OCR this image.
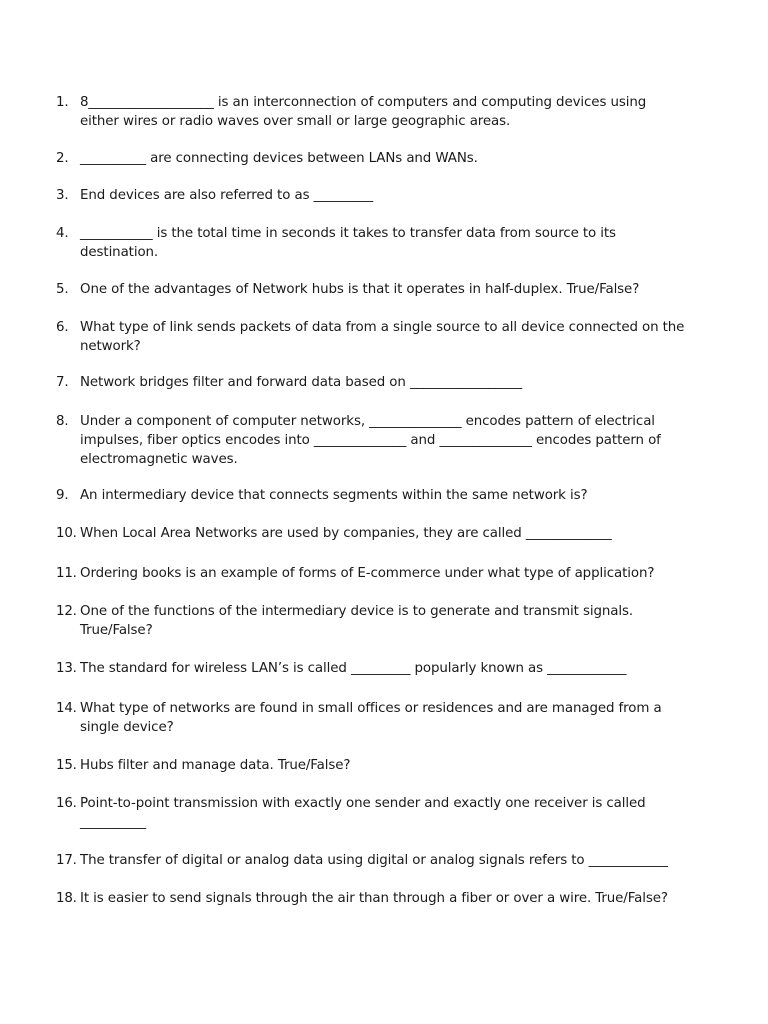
1. 8___________________ is an interconnection of computers and computing devices using either wires or radio waves over small or large geographic areas.
2. __________ are connecting devices between LANs and WANs.
3. End devices are also referred to as _________
4. ___________ is the total time in seconds it takes to transfer data from source to its destination.
5. One of the advantages of Network hubs is that it operates in half-duplex. True/False?
6. What type of link sends packets of data from a single source to all device connected on the network?
7. Network bridges filter and forward data based on _________________
8. Under a component of computer networks, ______________ encodes pattern of electrical impulses, fiber optics encodes into ______________ and ______________ encodes pattern of electromagnetic waves.
9. An intermediary device that connects segments within the same network is?
10. When Local Area Networks are used by companies, they are called _____________
11. Ordering books is an example of forms of E-commerce under what type of application?
12. One of the functions of the intermediary device is to generate and transmit signals. True/False?
13. The standard for wireless LAN’s is called _________ popularly known as ____________
14. What type of networks are found in small offices or residences and are managed from a single device?
15. Hubs filter and manage data. True/False?
16. Point-to-point transmission with exactly one sender and exactly one receiver is called __________
17. The transfer of digital or analog data using digital or analog signals refers to ____________
18. It is easier to send signals through the air than through a fiber or over a wire. True/False?
